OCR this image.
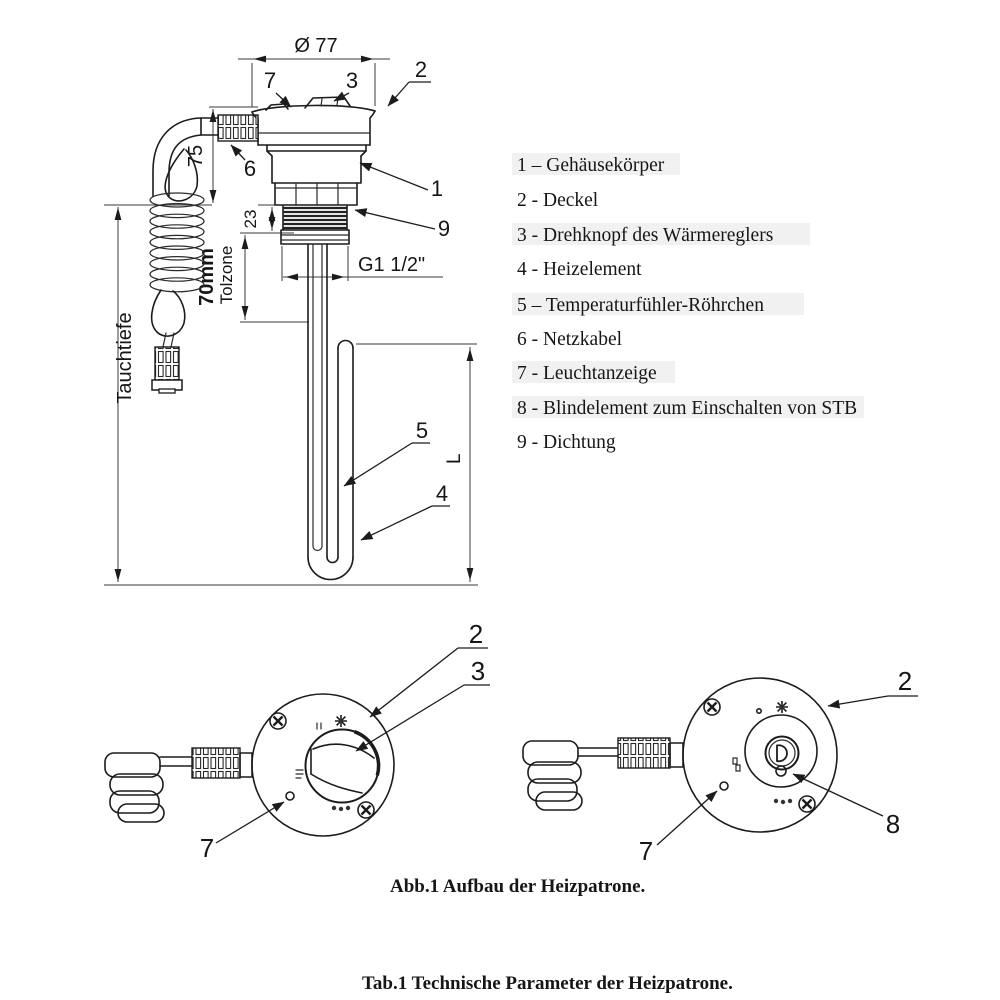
Ø 77
75
Tauchtiefe
23
70mm Tolzone	G1 1/2"
L
7	3	2
6
1
9
5
4
1 – Gehäusekörper
2 - Deckel
3 - Drehknopf des Wärmereglers
4 - Heizelement
5 – Temperaturfühler-Röhrchen
6 - Netzkabel
7 - Leuchtanzeige
8 - Blindelement zum Einschalten von STB
9 - Dichtung
2
3
7
2
8
7
Abb.1 Aufbau der Heizpatrone.
Tab.1 Technische Parameter der Heizpatrone.
